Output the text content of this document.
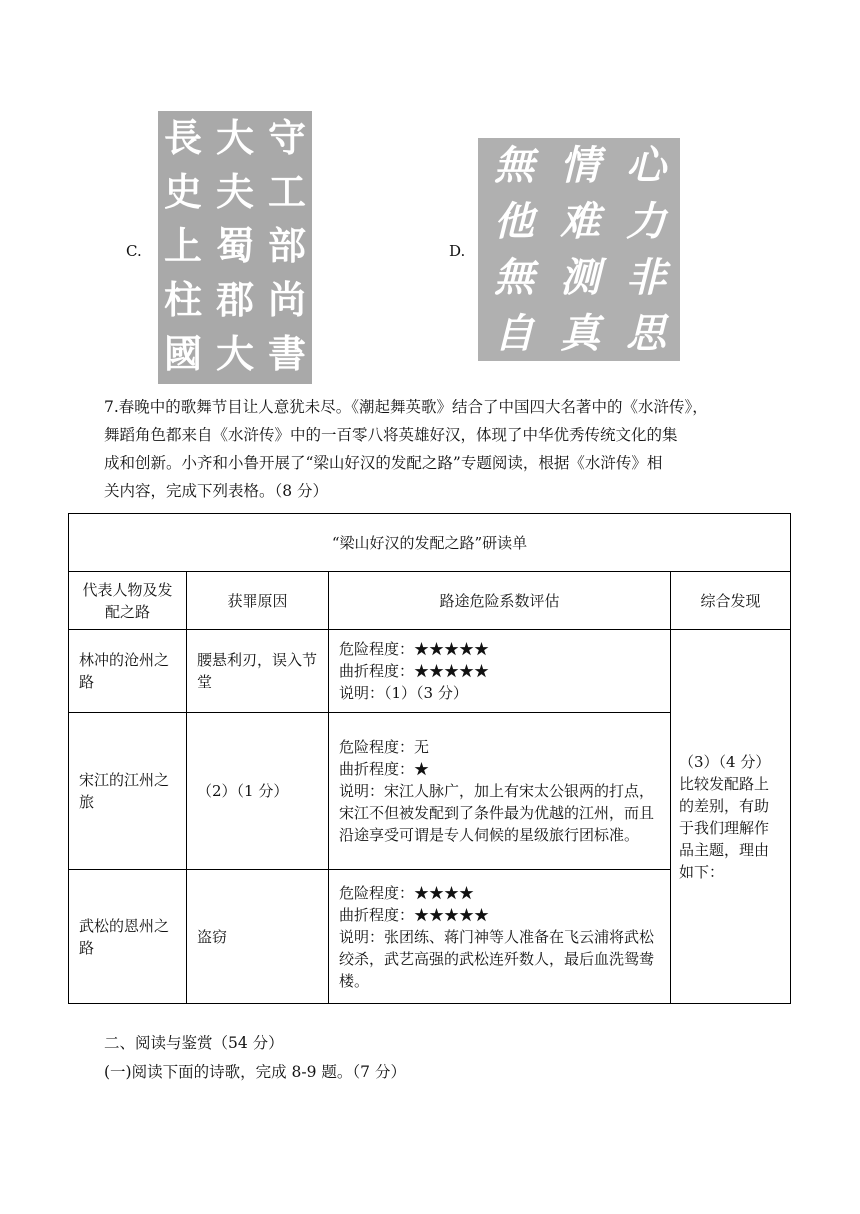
C.
守
工
部
尚
書
大
夫
蜀
郡
大
長
史
上
柱
國
D.
心
力
非
思
情
难
测
真
無
他
無
自
7.春晚中的歌舞节目让人意犹未尽。《潮起舞英歌》结合了中国四大名著中的《水浒传》，
舞蹈角色都来自《水浒传》中的一百零八将英雄好汉，体现了中华优秀传统文化的集
成和创新。小齐和小鲁开展了“梁山好汉的发配之路”专题阅读，根据《水浒传》相
关内容，完成下列表格。（8 分）
“梁山好汉的发配之路”研读单			
代表人物及发配之路	获罪原因	路途危险系数评估	综合发现
林冲的沧州之路	腰悬利刃，误入节堂	危险程度：★★★★★
曲折程度：★★★★★
说明：（1）（3 分）	（3）（4 分）比较发配路上的差别，有助于我们理解作品主题，理由如下：
宋江的江州之旅	（2）（1 分）	危险程度：无
曲折程度：★
说明：宋江人脉广，加上有宋太公银两的打点，宋江不但被发配到了条件最为优越的江州，而且沿途享受可谓是专人伺候的星级旅行团标准。	

武松的恩州之路	盗窃	危险程度：★★★★
曲折程度：★★★★★
说明：张团练、蒋门神等人准备在飞云浦将武松绞杀，武艺高强的武松连歼数人，最后血洗鸳鸯楼。	
二、阅读与鉴赏（54 分）
(一)阅读下面的诗歌，完成 8-9 题。（7 分）
